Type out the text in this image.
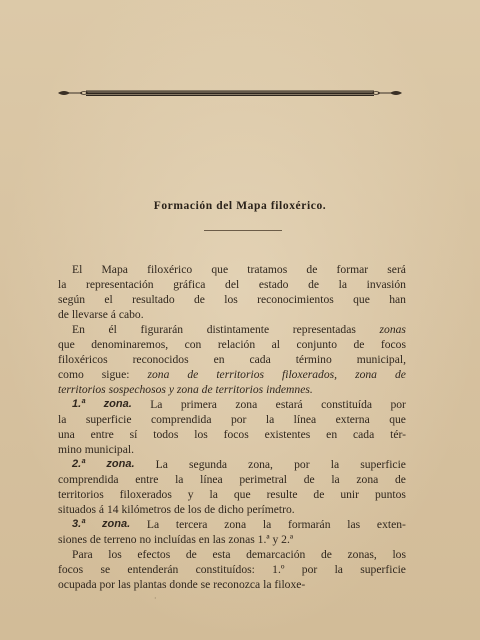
Formación del Mapa filoxérico.
El Mapa filoxérico que tratamos de formar será
la representación gráfica del estado de la invasión
según el resultado de los reconocimientos que han
de llevarse á cabo.
En él figurarán distintamente representadas zonas
que denominaremos, con relación al conjunto de focos
filoxéricos reconocidos en cada término municipal,
como sigue: zona de territorios filoxerados, zona de
territorios sospechosos y zona de territorios indemnes.
1.ª zona. La primera zona estará constituída por
la superficie comprendida por la línea externa que
una entre sí todos los focos existentes en cada tér-
mino municipal.
2.ª zona. La segunda zona, por la superficie
comprendida entre la línea perimetral de la zona de
territorios filoxerados y la que resulte de unir puntos
situados á 14 kilómetros de los de dicho perímetro.
3.ª zona. La tercera zona la formarán las exten-
siones de terreno no incluídas en las zonas 1.ª y 2.ª
Para los efectos de esta demarcación de zonas, los
focos se entenderán constituídos: 1.º por la superficie
ocupada por las plantas donde se reconozca la filoxe-
·
